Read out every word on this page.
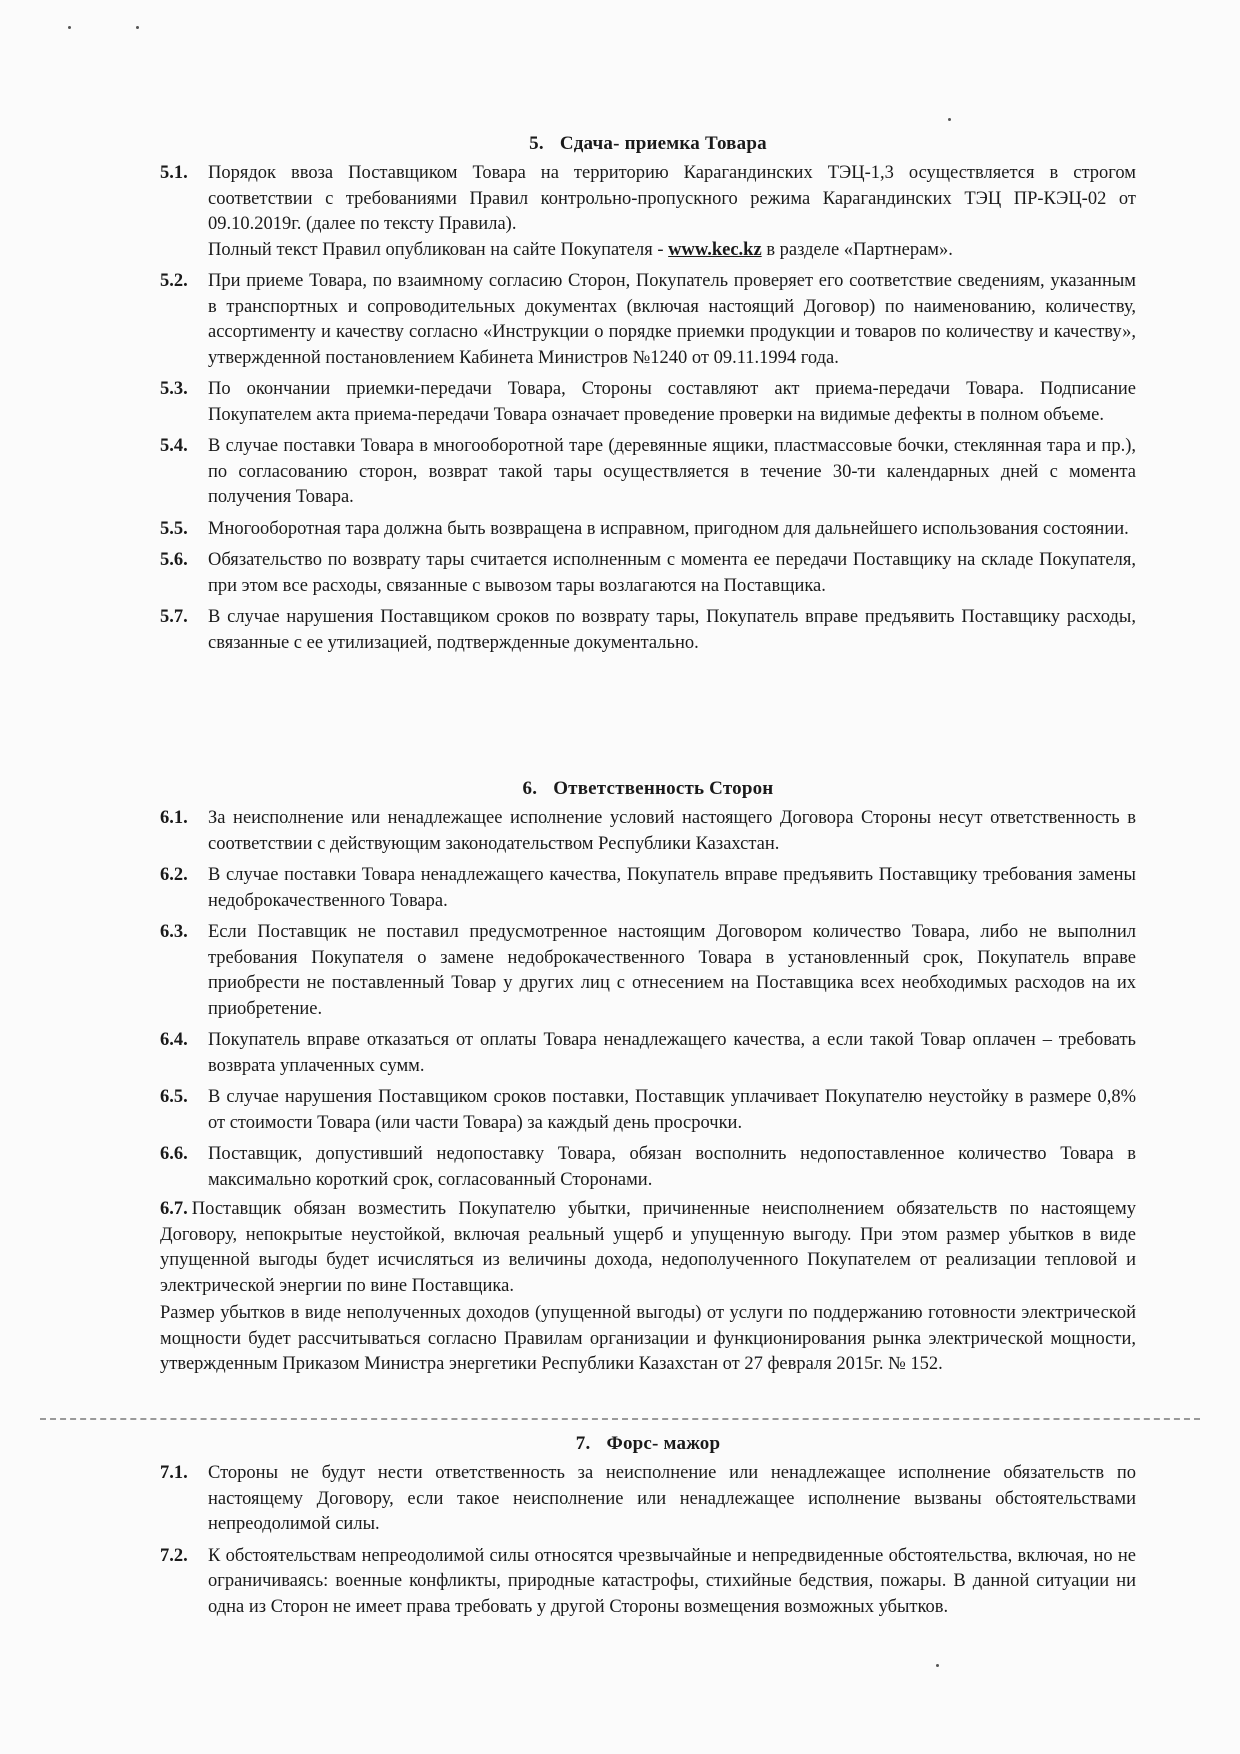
5. Сдача- приемка Товара
5.1. Порядок ввоза Поставщиком Товара на территорию Карагандинских ТЭЦ-1,3 осуществляется в строгом соответствии с требованиями Правил контрольно-пропускного режима Карагандинских ТЭЦ ПР-КЭЦ-02 от 09.10.2019г. (далее по тексту Правила).
Полный текст Правил опубликован на сайте Покупателя - www.kec.kz в разделе «Партнерам».
5.2. При приеме Товара, по взаимному согласию Сторон, Покупатель проверяет его соответствие сведениям, указанным в транспортных и сопроводительных документах (включая настоящий Договор) по наименованию, количеству, ассортименту и качеству согласно «Инструкции о порядке приемки продукции и товаров по количеству и качеству», утвержденной постановлением Кабинета Министров №1240 от 09.11.1994 года.
5.3. По окончании приемки-передачи Товара, Стороны составляют акт приема-передачи Товара. Подписание Покупателем акта приема-передачи Товара означает проведение проверки на видимые дефекты в полном объеме.
5.4. В случае поставки Товара в многооборотной таре (деревянные ящики, пластмассовые бочки, стеклянная тара и пр.), по согласованию сторон, возврат такой тары осуществляется в течение 30-ти календарных дней с момента получения Товара.
5.5. Многооборотная тара должна быть возвращена в исправном, пригодном для дальнейшего использования состоянии.
5.6. Обязательство по возврату тары считается исполненным с момента ее передачи Поставщику на складе Покупателя, при этом все расходы, связанные с вывозом тары возлагаются на Поставщика.
5.7. В случае нарушения Поставщиком сроков по возврату тары, Покупатель вправе предъявить Поставщику расходы, связанные с ее утилизацией, подтвержденные документально.
6. Ответственность Сторон
6.1. За неисполнение или ненадлежащее исполнение условий настоящего Договора Стороны несут ответственность в соответствии с действующим законодательством Республики Казахстан.
6.2. В случае поставки Товара ненадлежащего качества, Покупатель вправе предъявить Поставщику требования замены недоброкачественного Товара.
6.3. Если Поставщик не поставил предусмотренное настоящим Договором количество Товара, либо не выполнил требования Покупателя о замене недоброкачественного Товара в установленный срок, Покупатель вправе приобрести не поставленный Товар у других лиц с отнесением на Поставщика всех необходимых расходов на их приобретение.
6.4. Покупатель вправе отказаться от оплаты Товара ненадлежащего качества, а если такой Товар оплачен – требовать возврата уплаченных сумм.
6.5. В случае нарушения Поставщиком сроков поставки, Поставщик уплачивает Покупателю неустойку в размере 0,8% от стоимости Товара (или части Товара) за каждый день просрочки.
6.6. Поставщик, допустивший недопоставку Товара, обязан восполнить недопоставленное количество Товара в максимально короткий срок, согласованный Сторонами.
6.7. Поставщик обязан возместить Покупателю убытки, причиненные неисполнением обязательств по настоящему Договору, непокрытые неустойкой, включая реальный ущерб и упущенную выгоду. При этом размер убытков в виде упущенной выгоды будет исчисляться из величины дохода, недополученного Покупателем от реализации тепловой и электрической энергии по вине Поставщика.
Размер убытков в виде неполученных доходов (упущенной выгоды) от услуги по поддержанию готовности электрической мощности будет рассчитываться согласно Правилам организации и функционирования рынка электрической мощности, утвержденным Приказом Министра энергетики Республики Казахстан от 27 февраля 2015г. № 152.
7. Форс- мажор
7.1. Стороны не будут нести ответственность за неисполнение или ненадлежащее исполнение обязательств по настоящему Договору, если такое неисполнение или ненадлежащее исполнение вызваны обстоятельствами непреодолимой силы.
7.2. К обстоятельствам непреодолимой силы относятся чрезвычайные и непредвиденные обстоятельства, включая, но не ограничиваясь: военные конфликты, природные катастрофы, стихийные бедствия, пожары. В данной ситуации ни одна из Сторон не имеет права требовать у другой Стороны возмещения возможных убытков.
